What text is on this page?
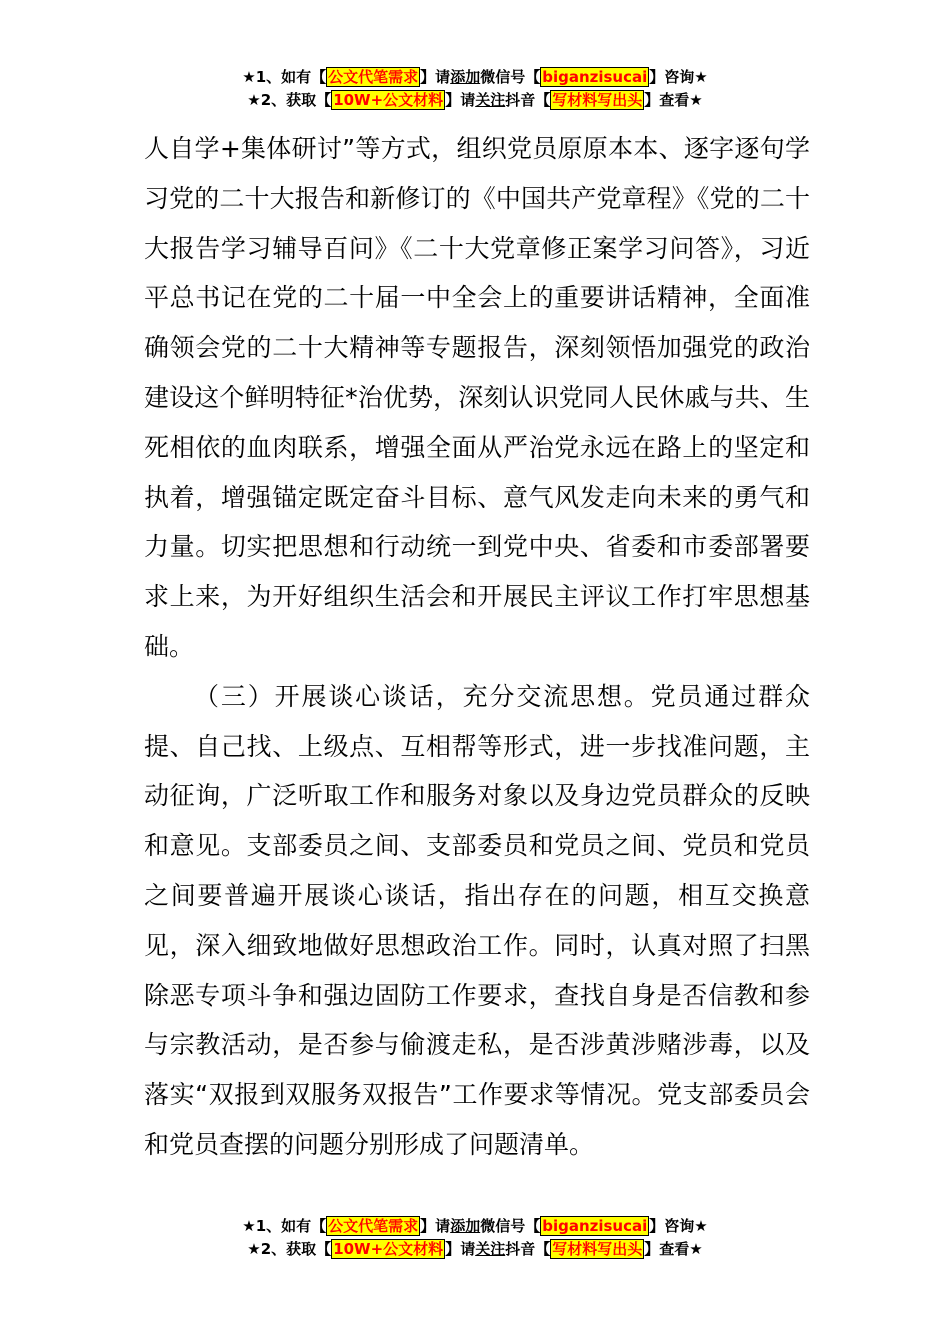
★1、如有【 公文代笔需求 】请添加微信号【 biganzisucai 】咨询★
★2、获取【 10W+公文材料 】请关注抖音【 写材料写出头 】查看★

人自学+集体研讨”等方式，组织党员原原本本、逐字逐句学习党的二十大报告和新修订的《中国共产党章程》《党的二十大报告学习辅导百问》《二十大党章修正案学习问答》，习近平总书记在党的二十届一中全会上的重要讲话精神，全面准确领会党的二十大精神等专题报告，深刻领悟加强党的政治建设这个鲜明特征*治优势，深刻认识党同人民休戚与共、生死相依的血肉联系，增强全面从严治党永远在路上的坚定和执着，增强锚定既定奋斗目标、意气风发走向未来的勇气和力量。切实把思想和行动统一到党中央、省委和市委部署要求上来，为开好组织生活会和开展民主评议工作打牢思想基础。

（三）开展谈心谈话，充分交流思想。党员通过群众提、自己找、上级点、互相帮等形式，进一步找准问题，主动征询，广泛听取工作和服务对象以及身边党员群众的反映和意见。支部委员之间、支部委员和党员之间、党员和党员之间要普遍开展谈心谈话，指出存在的问题，相互交换意见，深入细致地做好思想政治工作。同时，认真对照了扫黑除恶专项斗争和强边固防工作要求，查找自身是否信教和参与宗教活动，是否参与偷渡走私，是否涉黄涉赌涉毒，以及落实“双报到双服务双报告”工作要求等情况。党支部委员会和党员查摆的问题分别形成了问题清单。

★1、如有【 公文代笔需求 】请添加微信号【 biganzisucai 】咨询★
★2、获取【 10W+公文材料 】请关注抖音【 写材料写出头 】查看★
